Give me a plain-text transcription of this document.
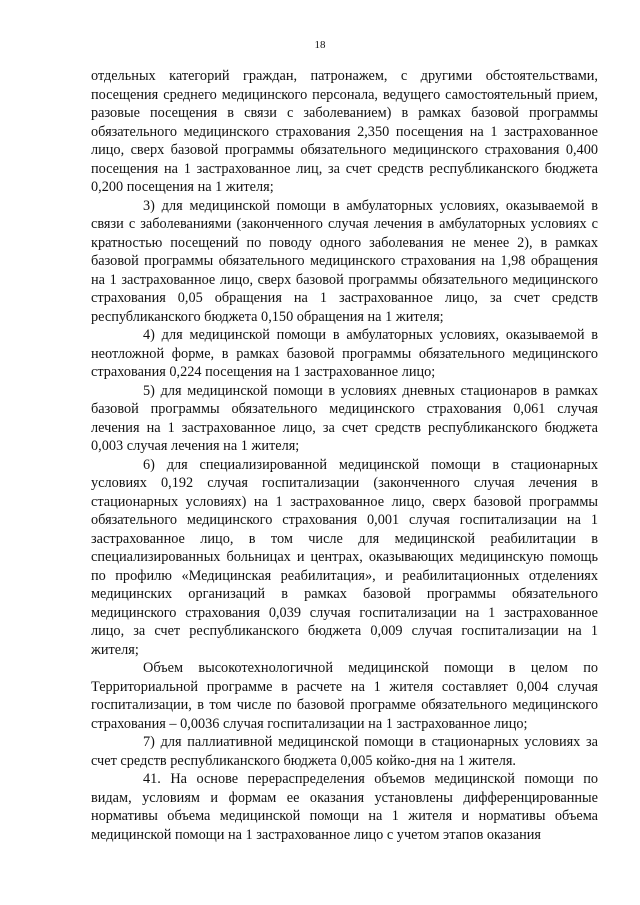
18

отдельных категорий граждан, патронажем, с другими обстоятельствами, посещения среднего медицинского персонала, ведущего самостоятельный прием, разовые посещения в связи с заболеванием) в рамках базовой программы обязательного медицинского страхования 2,350 посещения на 1 застрахованное лицо, сверх базовой программы обязательного медицинского страхования 0,400 посещения на 1 застрахованное лиц, за счет средств республиканского бюджета 0,200 посещения на 1 жителя;

3) для медицинской помощи в амбулаторных условиях, оказываемой в связи с заболеваниями (законченного случая лечения в амбулаторных условиях с кратностью посещений по поводу одного заболевания не менее 2), в рамках базовой программы обязательного медицинского страхования на 1,98 обращения на 1 застрахованное лицо, сверх базовой программы обязательного медицинского страхования 0,05 обращения на 1 застрахованное лицо, за счет средств республиканского бюджета 0,150 обращения на 1 жителя;

4) для медицинской помощи в амбулаторных условиях, оказываемой в неотложной форме, в рамках базовой программы обязательного медицинского страхования 0,224 посещения на 1 застрахованное лицо;

5) для медицинской помощи в условиях дневных стационаров в рамках базовой программы обязательного медицинского страхования 0,061 случая лечения на 1 застрахованное лицо, за счет средств республиканского бюджета 0,003 случая лечения на 1 жителя;

6) для специализированной медицинской помощи в стационарных условиях 0,192 случая госпитализации (законченного случая лечения в стационарных условиях) на 1 застрахованное лицо, сверх базовой программы обязательного медицинского страхования 0,001 случая госпитализации на 1 застрахованное лицо, в том числе для медицинской реабилитации в специализированных больницах и центрах, оказывающих медицинскую помощь по профилю «Медицинская реабилитация», и реабилитационных отделениях медицинских организаций в рамках базовой программы обязательного медицинского страхования 0,039 случая госпитализации на 1 застрахованное лицо, за счет республиканского бюджета 0,009 случая госпитализации на 1 жителя;

Объем высокотехнологичной медицинской помощи в целом по Территориальной программе в расчете на 1 жителя составляет 0,004 случая госпитализации, в том числе по базовой программе обязательного медицинского страхования – 0,0036 случая госпитализации на 1 застрахованное лицо;

7) для паллиативной медицинской помощи в стационарных условиях за счет средств республиканского бюджета 0,005 койко-дня на 1 жителя.

41. На основе перераспределения объемов медицинской помощи по видам, условиям и формам ее оказания установлены дифференцированные нормативы объема медицинской помощи на 1 жителя и нормативы объема медицинской помощи на 1 застрахованное лицо с учетом этапов оказания
